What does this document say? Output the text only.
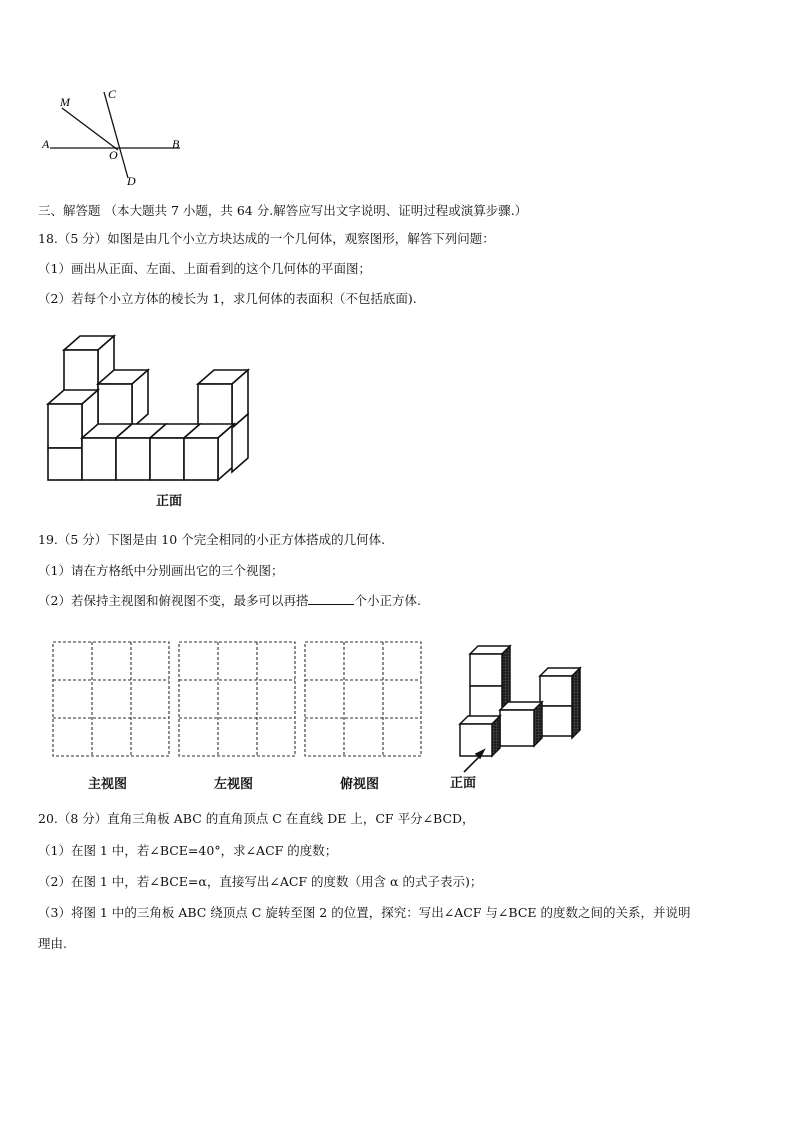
M
C
A
O
B
D
三、解答题 （本大题共 7 小题，共 64 分.解答应写出文字说明、证明过程或演算步骤.）
18.（5 分）如图是由几个小立方块达成的一个几何体，观察图形，解答下列问题：
（1）画出从正面、左面、上面看到的这个几何体的平面图；
（2）若每个小立方体的棱长为 1，求几何体的表面积（不包括底面).
正面
19.（5 分）下图是由 10 个完全相同的小正方体搭成的几何体.
（1）请在方格纸中分别画出它的三个视图；
（2）若保持主视图和俯视图不变，最多可以再搭	个小正方体.
主视图	左视图	俯视图	正面
20.（8 分）直角三角板 ABC 的直角顶点 C 在直线 DE 上，CF 平分∠BCD，
（1）在图 1 中，若∠BCE=40°，求∠ACF 的度数；
（2）在图 1 中，若∠BCE=α，直接写出∠ACF 的度数（用含 α 的式子表示)；
（3）将图 1 中的三角板 ABC 绕顶点 C 旋转至图 2 的位置，探究：写出∠ACF 与∠BCE 的度数之间的关系，并说明
理由.
